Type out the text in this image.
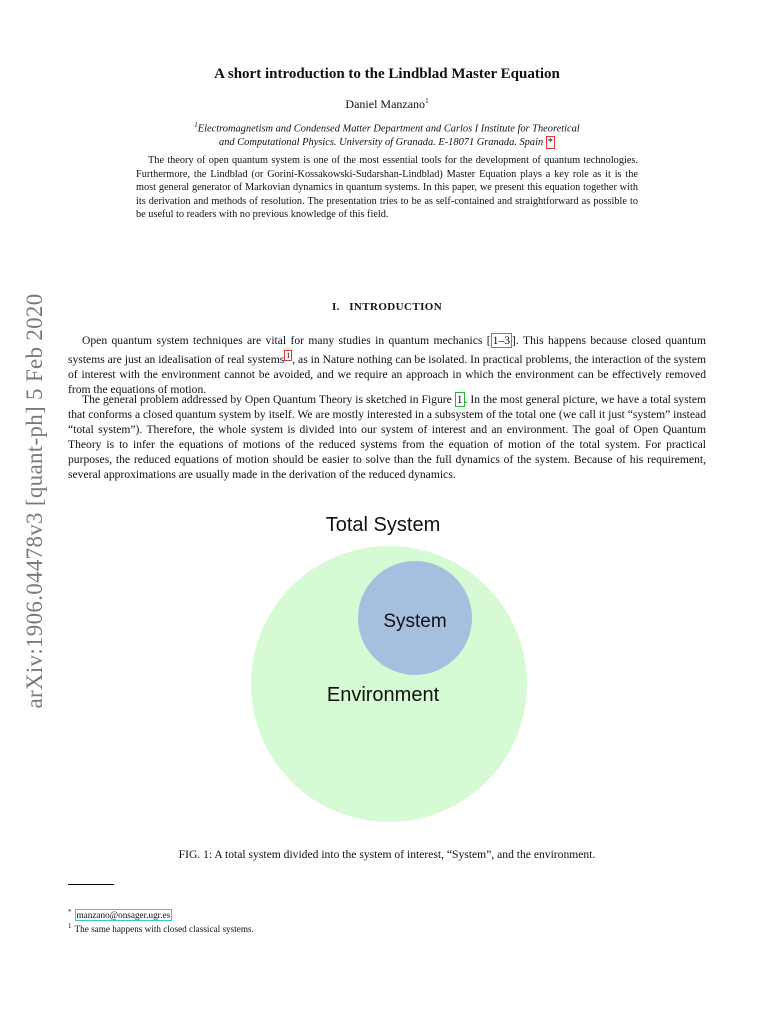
arXiv:1906.04478v3 [quant-ph] 5 Feb 2020
A short introduction to the Lindblad Master Equation
Daniel Manzano$^1$
$^1$Electromagnetism and Condensed Matter Department and Carlos I Institute for Theoretical
and Computational Physics. University of Granada. E-18071 Granada. Spain *
The theory of open quantum system is one of the most essential tools for the development of quantum technologies. Furthermore, the Lindblad (or Gorini-Kossakowski-Sudarshan-Lindblad) Master Equation plays a key role as it is the most general generator of Markovian dynamics in quantum systems. In this paper, we present this equation together with its derivation and methods of resolution. The presentation tries to be as self-contained and straightforward as possible to be useful to readers with no previous knowledge of this field.
I. INTRODUCTION
Open quantum system techniques are vital for many studies in quantum mechanics [ 1–3 ]. This happens because closed quantum systems are just an idealisation of real systems $^1$ , as in Nature nothing can be isolated. In practical problems, the interaction of the system of interest with the environment cannot be avoided, and we require an approach in which the environment can be effectively removed from the equations of motion.
The general problem addressed by Open Quantum Theory is sketched in Figure 1 . In the most general picture, we have a total system that conforms a closed quantum system by itself. We are mostly interested in a subsystem of the total one (we call it just “system” instead “total system”). Therefore, the whole system is divided into our system of interest and an environment. The goal of Open Quantum Theory is to infer the equations of motions of the reduced systems from the equation of motion of the total system. For practical purposes, the reduced equations of motion should be easier to solve than the full dynamics of the system. Because of his requirement, several approximations are usually made in the derivation of the reduced dynamics.
Total System
System
Environment
FIG. 1: A total system divided into the system of interest, “System”, and the environment.
* manzano@onsager.ugr.es
$^1$ The same happens with closed classical systems.
